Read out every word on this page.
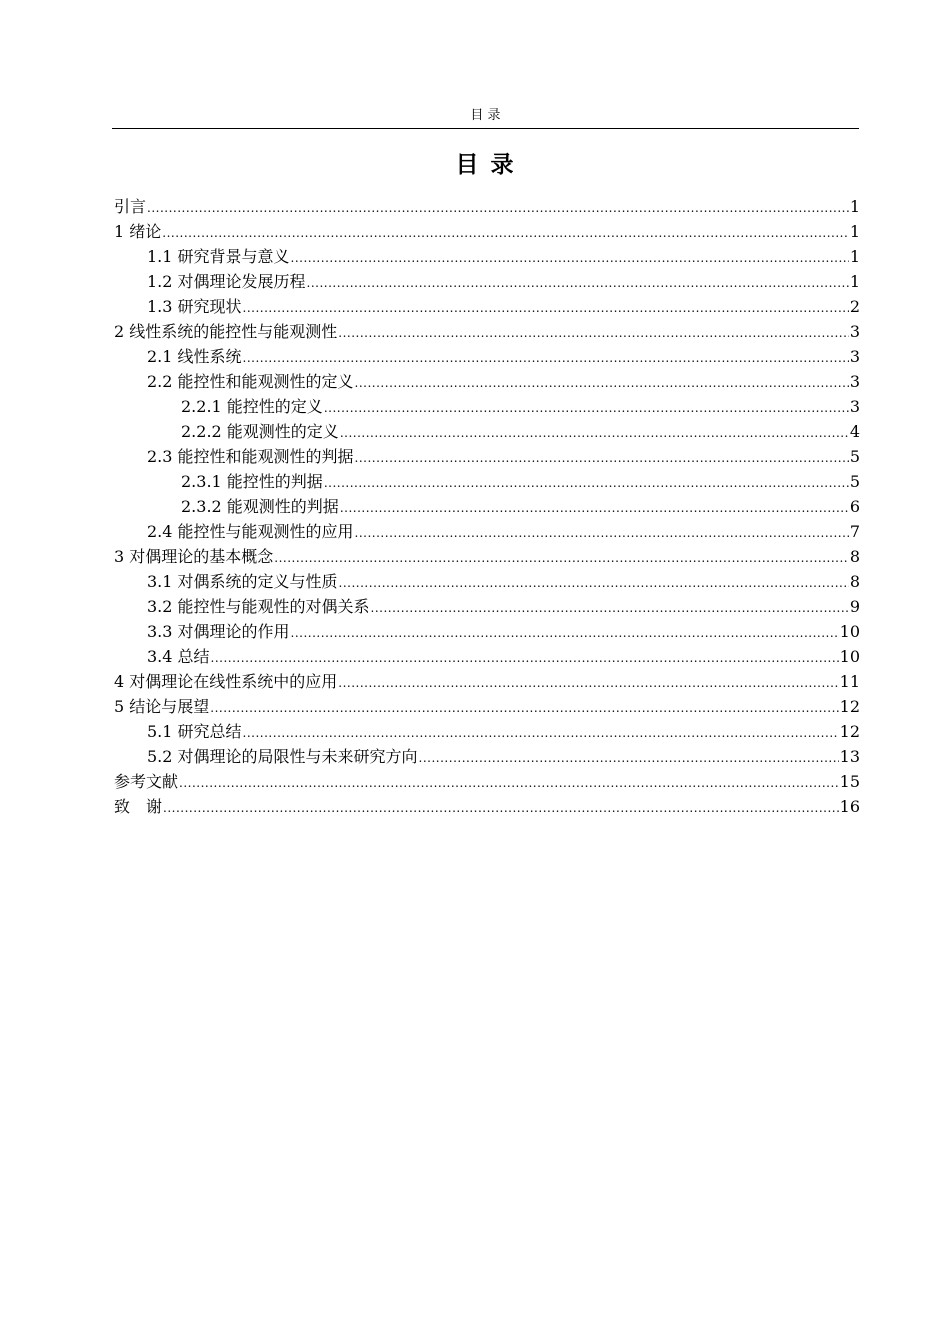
目 录
目 录
引言 .....	1
1 绪论 .....	1
1.1 研究背景与意义 .....	1
1.2 对偶理论发展历程 .....	1
1.3 研究现状 .....	2
2 线性系统的能控性与能观测性 .....	3
2.1 线性系统 .....	3
2.2 能控性和能观测性的定义 .....	3
2.2.1 能控性的定义 .....	3
2.2.2 能观测性的定义 .....	4
2.3 能控性和能观测性的判据 .....	5
2.3.1 能控性的判据 .....	5
2.3.2 能观测性的判据 .....	6
2.4 能控性与能观测性的应用 .....	7
3 对偶理论的基本概念 .....	8
3.1 对偶系统的定义与性质 .....	8
3.2 能控性与能观性的对偶关系 .....	9
3.3 对偶理论的作用 .....	10
3.4 总结 .....	10
4 对偶理论在线性系统中的应用 .....	11
5 结论与展望 .....	12
5.1 研究总结 .....	12
5.2 对偶理论的局限性与未来研究方向 .....	13
参考文献 .....	15
致　谢 .....	16
